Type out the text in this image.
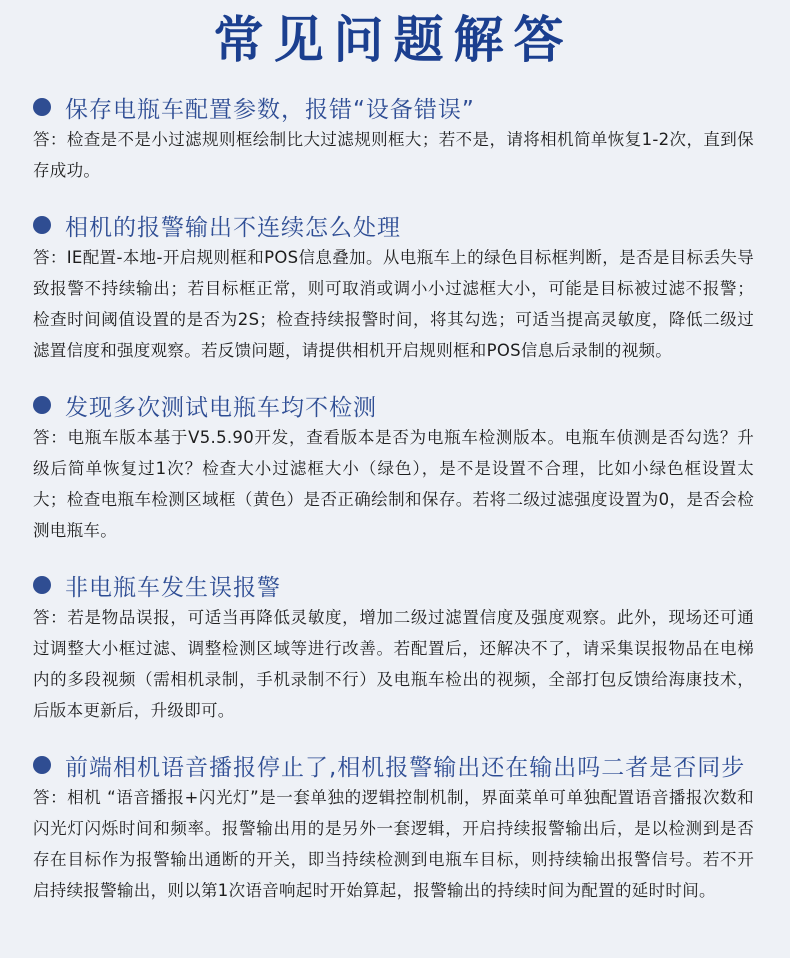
常见问题解答
保存电瓶车配置参数，报错“设备错误”
答：检查是不是小过滤规则框绘制比大过滤规则框大；若不是，请将相机简单恢复1-2次，直到保存成功。
相机的报警输出不连续怎么处理
答：IE配置-本地-开启规则框和POS信息叠加。从电瓶车上的绿色目标框判断，是否是目标丢失导致报警不持续输出；若目标框正常，则可取消或调小小过滤框大小，可能是目标被过滤不报警；检查时间阈值设置的是否为2S；检查持续报警时间，将其勾选；可适当提高灵敏度，降低二级过滤置信度和强度观察。若反馈问题，请提供相机开启规则框和POS信息后录制的视频。
发现多次测试电瓶车均不检测
答：电瓶车版本基于V5.5.90开发，查看版本是否为电瓶车检测版本。电瓶车侦测是否勾选？升级后简单恢复过1次？检查大小过滤框大小（绿色），是不是设置不合理，比如小绿色框设置太大；检查电瓶车检测区域框（黄色）是否正确绘制和保存。若将二级过滤强度设置为0，是否会检测电瓶车。
非电瓶车发生误报警
答：若是物品误报，可适当再降低灵敏度，增加二级过滤置信度及强度观察。此外，现场还可通过调整大小框过滤、调整检测区域等进行改善。若配置后，还解决不了，请采集误报物品在电梯内的多段视频（需相机录制，手机录制不行）及电瓶车检出的视频，全部打包反馈给海康技术，后版本更新后，升级即可。
前端相机语音播报停止了,相机报警输出还在输出吗二者是否同步
答：相机 “语音播报+闪光灯”是一套单独的逻辑控制机制，界面菜单可单独配置语音播报次数和闪光灯闪烁时间和频率。报警输出用的是另外一套逻辑，开启持续报警输出后，是以检测到是否存在目标作为报警输出通断的开关，即当持续检测到电瓶车目标，则持续输出报警信号。若不开启持续报警输出，则以第1次语音响起时开始算起，报警输出的持续时间为配置的延时时间。
